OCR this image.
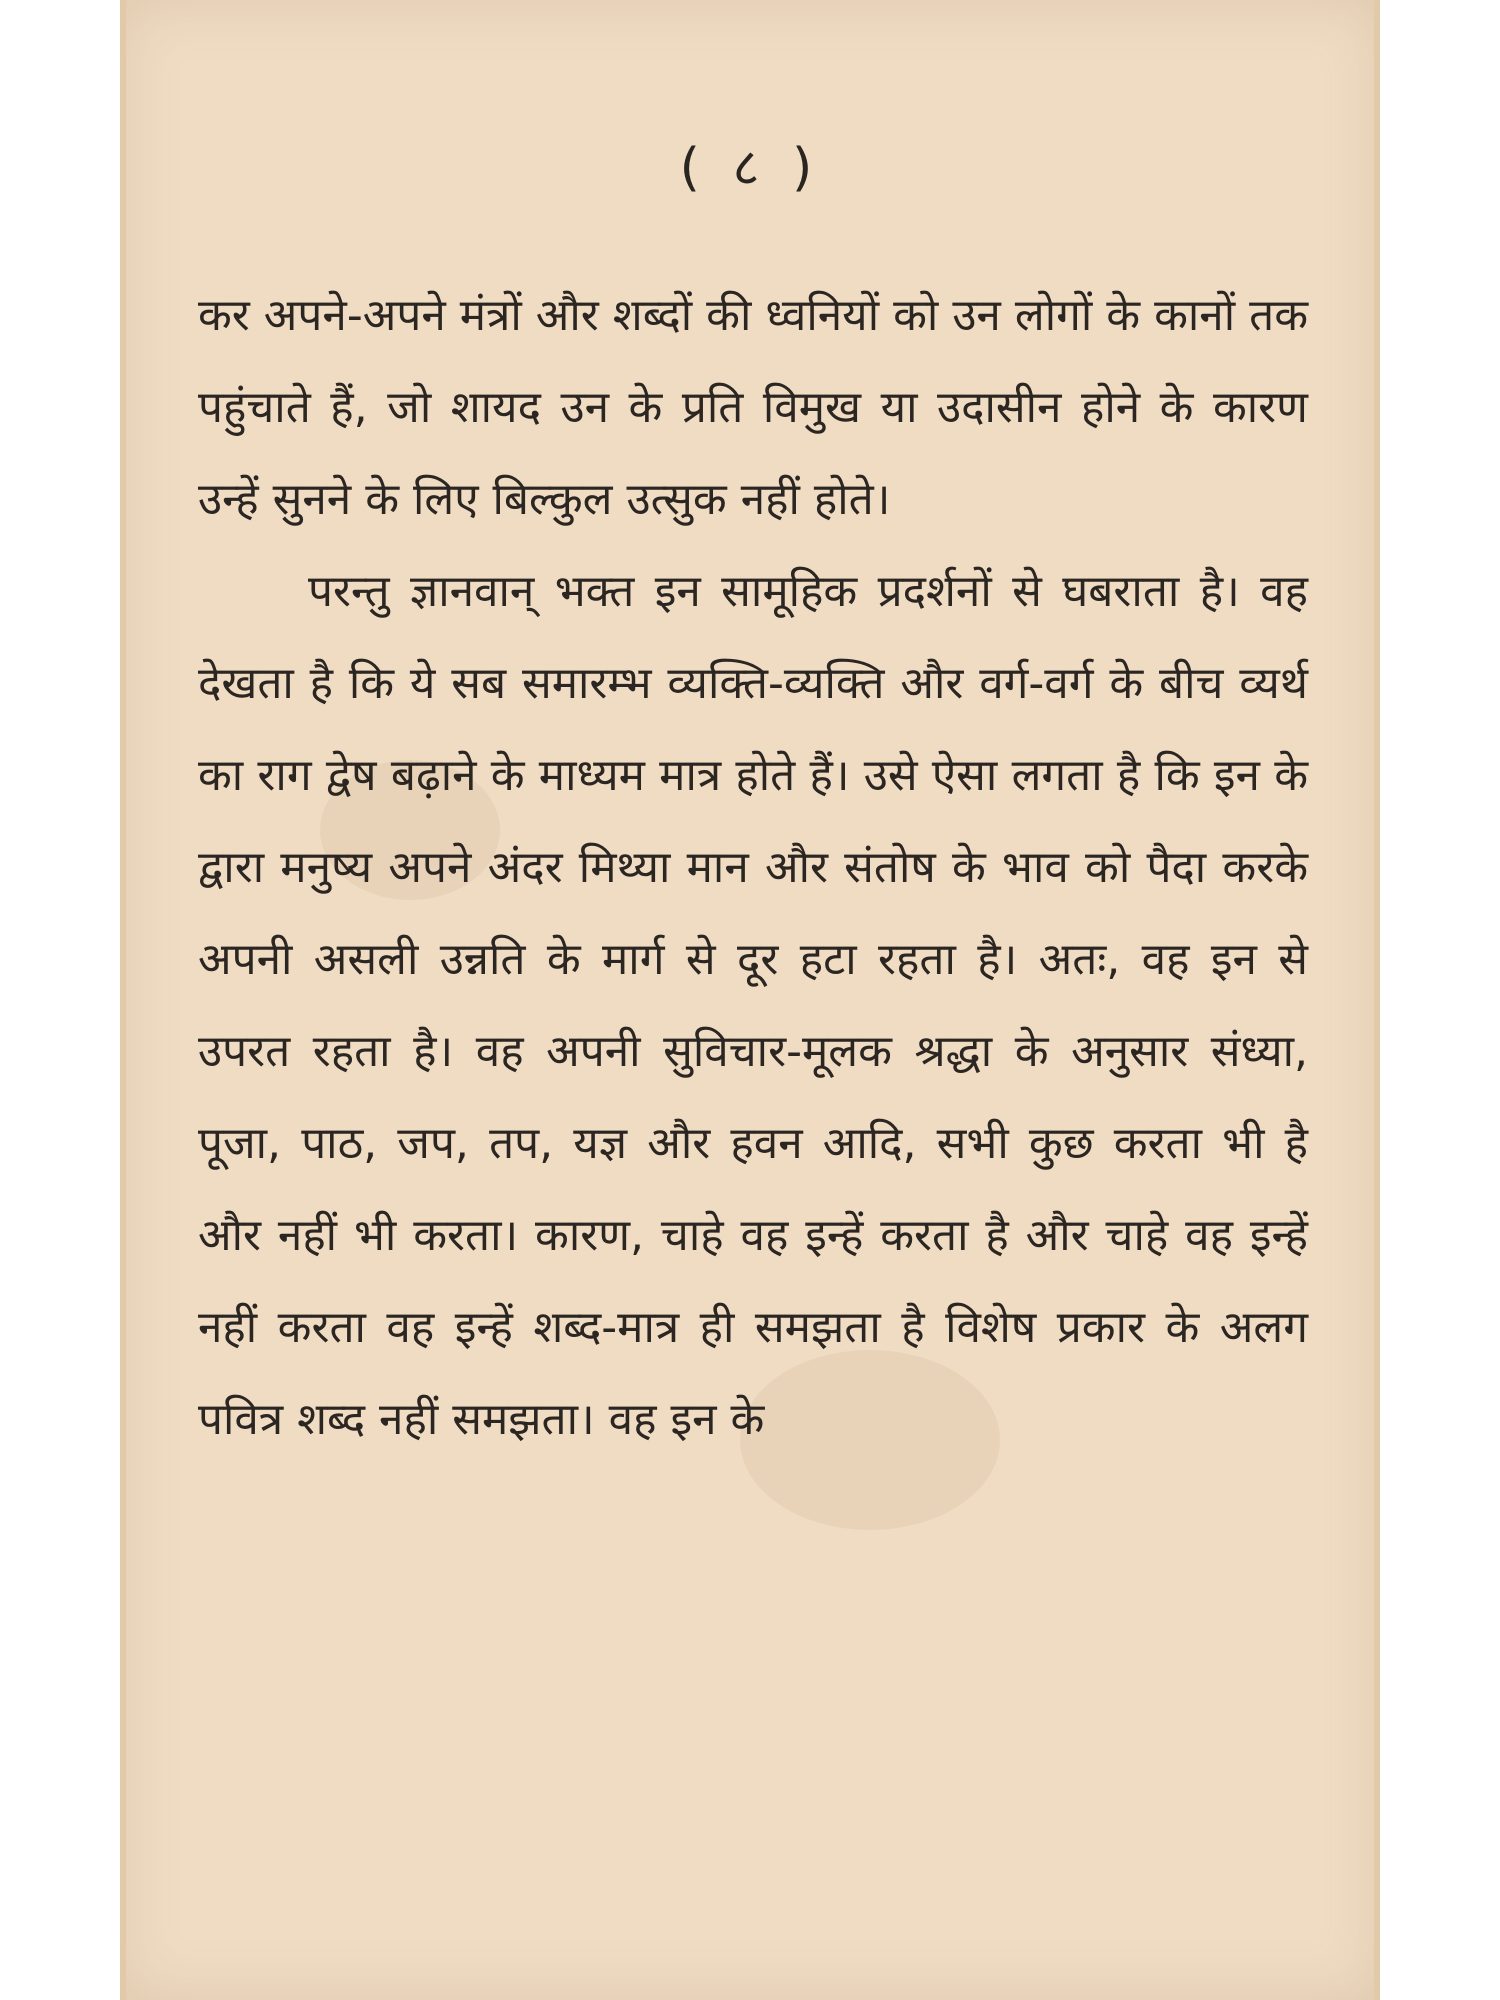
( ८ )

कर अपने-अपने मंत्रों और शब्दों की ध्वनियों को उन लोगों के कानों तक पहुंचाते हैं, जो शायद उन के प्रति विमुख या उदासीन होने के कारण उन्हें सुनने के लिए बिल्कुल उत्सुक नहीं होते।

परन्तु ज्ञानवान् भक्त इन सामूहिक प्रदर्शनों से घबराता है। वह देखता है कि ये सब समारम्भ व्यक्ति-व्यक्ति और वर्ग-वर्ग के बीच व्यर्थ का राग द्वेष बढ़ाने के माध्यम मात्र होते हैं। उसे ऐसा लगता है कि इन के द्वारा मनुष्य अपने अंदर मिथ्या मान और संतोष के भाव को पैदा करके अपनी असली उन्नति के मार्ग से दूर हटा रहता है। अतः, वह इन से उपरत रहता है। वह अपनी सुविचार-मूलक श्रद्धा के अनुसार संध्या, पूजा, पाठ, जप, तप, यज्ञ और हवन आदि, सभी कुछ करता भी है और नहीं भी करता। कारण, चाहे वह इन्हें करता है और चाहे वह इन्हें नहीं करता वह इन्हें शब्द-मात्र ही समझता है विशेष प्रकार के अलग पवित्र शब्द नहीं समझता। वह इन के
